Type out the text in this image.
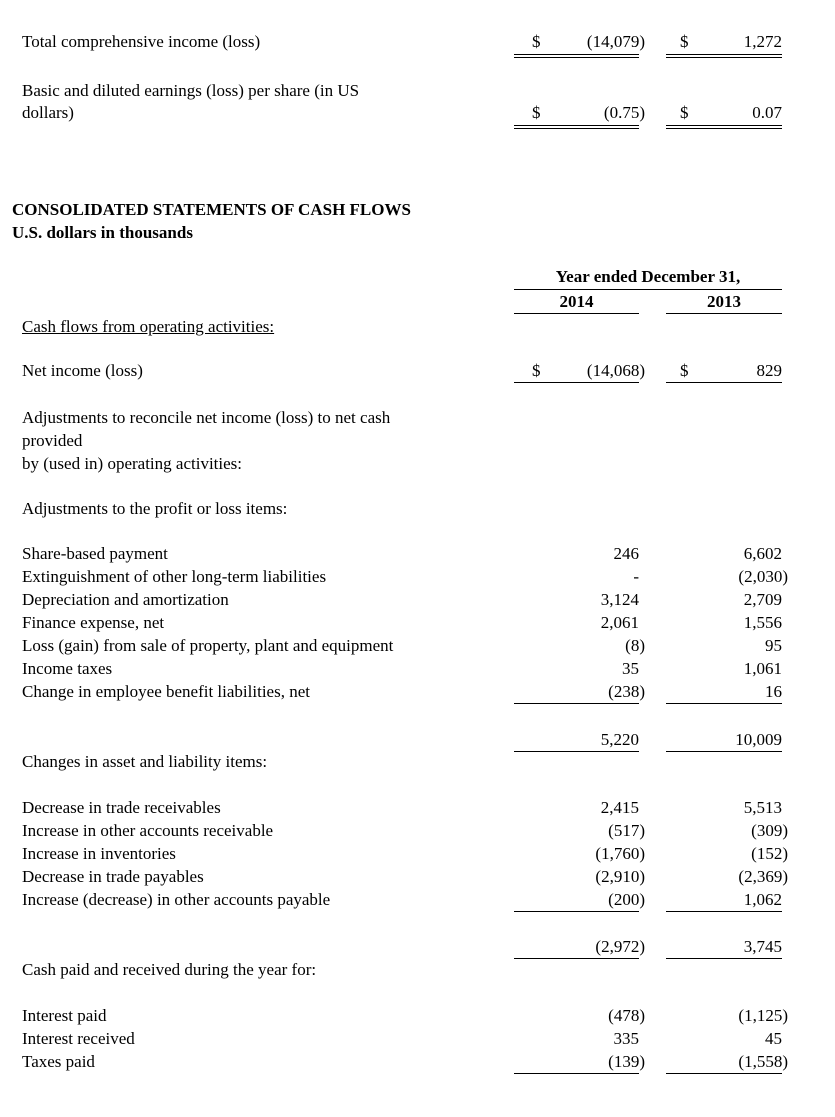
Total comprehensive income (loss)	$	(14,079) $	1,272
Basic and diluted earnings (loss) per share (in US
dollars)	$	(0.75) $	0.07
CONSOLIDATED STATEMENTS OF CASH FLOWS
U.S. dollars in thousands
Year ended December 31,
2014	2013
Cash flows from operating activities:
Net income (loss)	$	(14,068) $	829
Adjustments to reconcile net income (loss) to net cash
provided
by (used in) operating activities:
Adjustments to the profit or loss items:
Share-based payment	246	6,602
Extinguishment of other long-term liabilities	-	(2,030)
Depreciation and amortization	3,124	2,709
Finance expense, net	2,061	1,556
Loss (gain) from sale of property, plant and equipment	(8)	95
Income taxes	35	1,061
Change in employee benefit liabilities, net	(238)	16
5,220	10,009
Changes in asset and liability items:
Decrease in trade receivables	2,415	5,513
Increase in other accounts receivable	(517)	(309)
Increase in inventories	(1,760)	(152)
Decrease in trade payables	(2,910)	(2,369)
Increase (decrease) in other accounts payable	(200)	1,062
(2,972)	3,745
Cash paid and received during the year for:
Interest paid	(478)	(1,125)
Interest received	335	45
Taxes paid	(139)	(1,558)
